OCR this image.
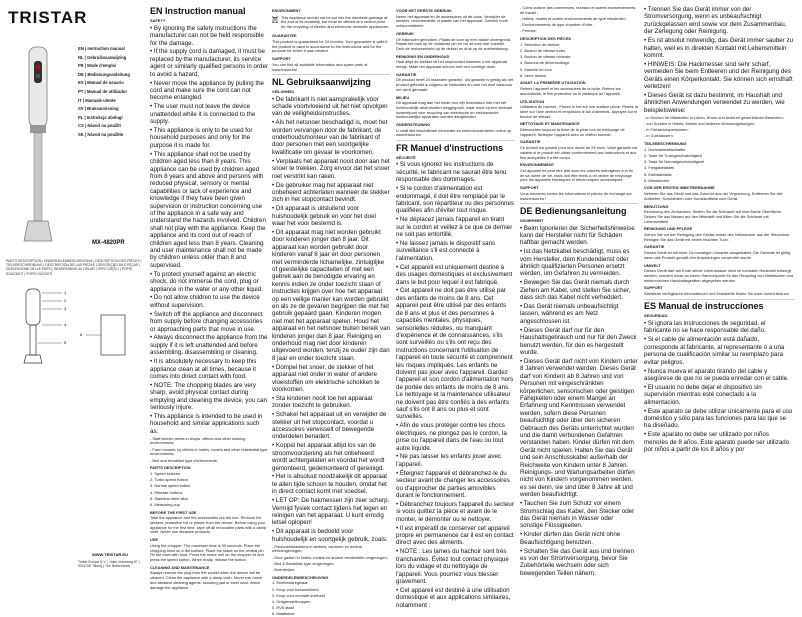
TRISTAR

EN | Instruction manual

NL | Gebruiksaanwijzing

FR | Mode d'emploi

DE | Bedienungsanleitung

ES | Manual de usuario

PT | Manual de utilizador

IT | Manuale utente

SV | Bruksanvisning

PL | Instrukcja obsługi

CS | Návod na použití

SK | Návod na použitie

MX-4820PR
PARTS DESCRIPTION | ONDERDELENBESCHRIJVING | DESCRIPTION DES PIÈCES | TEILEBESCHREIBUNG | DESCRIPCIÓN DE LAS PIEZAS | DESCRIÇÃO DAS PEÇAS | DESCRIZIONE DELLE PARTI | BESKRIVNING AV DELAR | OPIS CZĘŚCI | POPIS SOUČÁSTÍ | POPIS SÚČASTÍ
1
2
3
4
5
6
WWW.TRISTAR.EU
Tristar Europe B.V. | Jules Verneweg 87 | 5015 BH Tilburg | The Netherlands
EN Instruction manual
SAFETY

• By ignoring the safety instructions the manufacturer can not be held responsible for the damage.

• If the supply cord is damaged, it must be replaced by the manufacturer, its service agent or similarly qualified persons in order to avoid a hazard.

• Never move the appliance by pulling the cord and make sure the cord can not become entangled.

• The user must not leave the device unattended while it is connected to the supply.

• This appliance is only to be used for household purposes and only for the purpose it is made for.

• This appliance shall not be used by children aged less than 8 years. This appliance can be used by children aged from 8 years and above and persons with reduced physical, sensory or mental capabilities or lack of experience and knowledge if they have been given supervision or instruction concerning use of the appliance in a safe way and understand the hazards involved. Children shall not play with the appliance. Keep the appliance and its cord out of reach of children aged less than 8 years. Cleaning and user maintenance shall not be made by children unless older than 8 and supervised.

• To protect yourself against an electric shock, do not immerse the cord, plug or appliance in the water or any other liquid.

• Do not allow children to use the device without supervision.

• Switch off the appliance and disconnect from supply before changing accessories or approaching parts that move in use.

• Always disconnect the appliance from the supply if it is left unattended and before assembling, disassembling or cleaning.

• It is absolutely necessary to keep this appliance clean at all times, because it comes into direct contact with food.

• NOTE: The chopping blades are very sharp, avoid physical contact during emptying and cleaning the device, you can seriously injure.

• This appliance is intended to be used in household and similar applications such as:

- Staff kitchen areas in shops, offices and other working environments;

- Farm houses; by clients in hotels, motels and other residential type environments;

- Bed and breakfast type environments.

PARTS DESCRIPTION

1. Speed selector

2. Turbo speed button

3. Normal speed button

4. Release buttons

5. Stainless steel stick

6. Measuring cup

BEFORE THE FIRST USE

Take the appliance and the accessories out the box. Remove the stickers, protective foil or plastic from the device. Before using your appliance for the first time, wipe off all removable parts with a damp cloth. Never use abrasive products.

USE

Using the chopper: The maximum time is 30 seconds. Place the chopping bowl on a flat surface. Place the blade on the central pin. Fill the bowl with food. Press the motor unit on the chopper lid and press the speed button. When ready, release the button.

CLEANING AND MAINTENANCE

Always remove the plug from the socket when the device will be cleaned. Clean the appliance with a damp cloth. Never use harsh and abrasive cleaning agents, scouring pad or steel wool, which damage the appliance.

ENVIRONMENT

This appliance should not be put into the domestic garbage at the end of its durability, but must be offered at a central point for the recycling of electric and electronic domestic appliances.

GUARANTEE

This product is guaranteed for 24 months. Your guarantee is valid if the product is used in accordance to the instructions and for the purpose for which it was created.

SUPPORT

You can find all available information and spare parts at www.tristar.eu!

NL Gebruiksaanwijzing
VEILIGHEID

• De fabrikant is niet aansprakelijk voor schade voortvloeiend uit het niet opvolgen van de veiligheidsinstructies.

• Als het netsnoer beschadigd is, moet het worden vervangen door de fabrikant, de onderhoudsmonteur van de fabrikant of door personen met een soortgelijke kwalificatie om gevaar te voorkomen.

• Verplaats het apparaat nooit door aan het snoer te trekken. Zorg ervoor dat het snoer niet verstrikt kan raken.

• De gebruiker mag het apparaat niet onbeheerd achterlaten wanneer de stekker zich in het stopcontact bevindt.

• Dit apparaat is uitsluitend voor huishoudelijk gebruik en voor het doel waar het voor bestemd is.

• Dit apparaat mag niet worden gebruikt door kinderen jonger dan 8 jaar. Dit apparaat kan worden gebruikt door kinderen vanaf 8 jaar en door personen met verminderde lichamelijke, zintuiglijke of geestelijke capaciteiten of met een gebrek aan de benodigde ervaring en kennis indien ze onder toezicht staan of instructies krijgen over hoe het apparaat op een veilige manier kan worden gebruikt en als ze de gevaren begrijpen die met het gebruik gepaard gaan. Kinderen mogen niet met het apparaat spelen. Houd het apparaat en het netsnoer buiten bereik van kinderen jonger dan 8 jaar. Reiniging en onderhoud mag niet door kinderen uitgevoerd worden, tenzij ze ouder zijn dan 8 jaar en onder toezicht staan.

• Dompel het snoer, de stekker of het apparaat niet onder in water of andere vloeistoffen om elektrische schokken te voorkomen.

• Sta kinderen nooit toe het apparaat zonder toezicht te gebruiken.

• Schakel het apparaat uit en verwijder de stekker uit het stopcontact, voordat u accessoires verwisselt of bewegende onderdelen benadert.

• Koppel het apparaat altijd los van de stroomvoorziening als het onbeheerd wordt achtergelaten en voordat het wordt gemonteerd, gedemonteerd of gereinigd.

• Het is absoluut noodzakelijk dit apparaat te allen tijde schoon te houden, omdat het in direct contact komt met voedsel.

• LET OP: De hakmessen zijn zeer scherp. Vermijd fysiek contact tijdens het legen en reinigen van het apparaat. U kunt ernstig letsel oplopen!

• Dit apparaat is bedoeld voor huishoudelijk en soortgelijk gebruik, zoals:

- Personeelskeukens in winkels, kantoren en andere werkomgevingen;

- Door gasten in hotels, motels en andere residentiële omgevingen;

- Bed & Breakfast-type omgevingen;

- Boerderijen.

ONDERDELENBESCHRIJVING

1. Snelheidsregelaar

2. Knop voor turbosnelheid

3. Knop voor normale snelheid

4. Ontgrendelknoppen

5. RVS staaf

6. Maatbeker

VOOR HET EERSTE GEBRUIK

Neem het apparaat en de accessoires uit de doos. Verwijder de stickers, beschermfolie of plastic van het apparaat. Gebruik nooit schuurmiddelen.

GEBRUIK

De hakmolen gebruiken: Plaats de kom op een vlakke ondergrond. Plaats het mes op de middelste pin en vul de kom met voedsel. Druk de motoreenheid op de deksel en druk op de snelheidsknop.

REINIGING EN ONDERHOUD

Haal altijd de stekker uit het stopcontact wanneer u het apparaat reinigt. Maak het apparaat schoon met een vochtige doek.

GARANTIE

Dit product heeft 24 maanden garantie. Uw garantie is geldig als het product gebruikt is volgens de instructies en voor het doel waarvoor het werd gemaakt.

MILIEU

Dit apparaat mag aan het einde van zijn levensduur niet met het huishoudelijk afval worden weggegooid, maar moet bij een centraal inzamelpunt voor recycling van elektrische en elektronische huishoudelijke apparaten worden aangeboden.

ONDERSTEUNING

U vindt alle beschikbare informatie en reserveonderdelen online op www.tristar.eu!

FR Manuel d'instructions
SÉCURITÉ

• Si vous ignorez les instructions de sécurité, le fabricant ne saurait être tenu responsable des dommages.

• Si le cordon d'alimentation est endommagé, il doit être remplacé par le fabricant, son répartiteur ou des personnes qualifiées afin d'éviter tout risque.

• Ne déplacez jamais l'appareil en tirant sur le cordon et veillez à ce que ce dernier ne soit pas entortillé.

• Ne laissez jamais le dispositif sans surveillance s'il est connecté à l'alimentation.

• Cet appareil est uniquement destiné à des usages domestiques et exclusivement dans le but pour lequel il est fabriqué.

• Cet appareil ne doit pas être utilisé par des enfants de moins de 8 ans. Cet appareil peut être utilisé par des enfants de 8 ans et plus et des personnes à capacités mentales, physiques, sensorielles réduites, ou manquant d'expérience et de connaissances, s'ils sont surveillés ou s'ils ont reçu des instructions concernant l'utilisation de l'appareil en toute sécurité et comprennent les risques impliqués. Les enfants ne doivent pas jouer avec l'appareil. Gardez l'appareil et son cordon d'alimentation hors de portée des enfants de moins de 8 ans. Le nettoyage et la maintenance utilisateur ne doivent pas être confiés à des enfants sauf s'ils ont 8 ans ou plus et sont surveillés.

• Afin de vous protéger contre les chocs électriques, ne plongez pas le cordon, la prise ou l'appareil dans de l'eau ou tout autre liquide.

• Ne pas laisser les enfants jouer avec l'appareil.

• Éteignez l'appareil et débranchez-le du secteur avant de changer les accessoires ou d'approcher de parties amovibles durant le fonctionnement.

• Débranchez toujours l'appareil du secteur si vous quittez la pièce et avant de le monter, le démonter ou le nettoyer.

• Il est impératif de conserver cet appareil propre en permanence car il est en contact direct avec des aliments.

• NOTE : Les lames du hachoir sont très tranchantes. Évitez tout contact physique lors du vidage et du nettoyage de l'appareil. Vous pourriez vous blesser gravement.

• Cet appareil est destiné à une utilisation domestique et aux applications similaires, notamment :

- Coins cuisine des commerces, bureaux et autres environnements de travail ;

- Hôtels, motels et autres environnements de type résidentiel ;

- Environnements de type chambre d'hôte ;

- Fermes.

DESCRIPTION DES PIÈCES

1. Sélecteur de vitesse

2. Bouton de vitesse turbo

3. Bouton de vitesse normale

4. Boutons de déverrouillage

5. Manche en inox

6. Verre doseur

AVANT LA PREMIÈRE UTILISATION

Retirez l'appareil et les accessoires de la boîte. Retirez les autocollants, le film protecteur ou le plastique de l'appareil.

UTILISATION

Utilisation du hachoir : Placez le bol sur une surface plane. Placez la lame sur l'axe central et remplissez le bol d'aliments. Appuyez sur le bouton de vitesse.

NETTOYAGE ET MAINTENANCE

Débranchez toujours la fiche de la prise lors du nettoyage de l'appareil. Nettoyez l'appareil avec un chiffon humide.

GARANTIE

Ce produit est garanti pour une durée de 24 mois. Votre garantie est valable si le produit est utilisé conformément aux instructions et aux fins auxquelles il a été conçu.

ENVIRONNEMENT

Cet appareil ne peut être jeté avec les ordures ménagères à la fin de sa durée de vie, mais doit être remis à un centre de recyclage pour les appareils électriques et électroniques domestiques.

SUPPORT

Vous trouverez toutes les informations et pièces de rechange sur www.tristar.eu !

DE Bedienungsanleitung
SICHERHEIT

• Beim Ignorieren der Sicherheitshinweise kann der Hersteller nicht für Schäden haftbar gemacht werden.

• Ist das Netzkabel beschädigt, muss es vom Hersteller, dem Kundendienst oder ähnlich qualifizierten Personen ersetzt werden, um Gefahren zu vermeiden.

• Bewegen Sie das Gerät niemals durch Ziehen am Kabel, und stellen Sie sicher, dass sich das Kabel nicht verheddert.

• Das Gerät niemals unbeaufsichtigt lassen, während es am Netz angeschlossen ist.

• Dieses Gerät darf nur für den Haushaltsgebrauch und nur für den Zweck benutzt werden, für den es hergestellt wurde.

• Dieses Gerät darf nicht von Kindern unter 8 Jahren verwendet werden. Dieses Gerät darf von Kindern ab 8 Jahren und von Personen mit eingeschränkten körperlichen, sensorischen oder geistigen Fähigkeiten oder einem Mangel an Erfahrung und Kenntnissen verwendet werden, sofern diese Personen beaufsichtigt oder über den sicheren Gebrauch des Geräts unterrichtet wurden und die damit verbundenen Gefahren verstanden haben. Kinder dürfen mit dem Gerät nicht spielen. Halten Sie das Gerät und sein Anschlusskabel außerhalb der Reichweite von Kindern unter 8 Jahren. Reinigungs- und Wartungsarbeiten dürfen nicht von Kindern vorgenommen werden, es sei denn, sie sind über 8 Jahre alt und werden beaufsichtigt.

• Tauchen Sie zum Schutz vor einem Stromschlag das Kabel, den Stecker oder das Gerät niemals in Wasser oder sonstige Flüssigkeiten.

• Kinder dürfen das Gerät nicht ohne Beaufsichtigung benutzen.

• Schalten Sie das Gerät aus und trennen es von der Stromversorgung, bevor Sie Zubehörteile wechseln oder sich bewegenden Teilen nähern.

• Trennen Sie das Gerät immer von der Stromversorgung, wenn es unbeaufsichtigt zurückgelassen wird sowie vor dem Zusammenbau, der Zerlegung oder Reinigung.

• Es ist absolut notwendig, das Gerät immer sauber zu halten, weil es in direkten Kontakt mit Lebensmitteln kommt.

• HINWEIS: Die Hackmesser sind sehr scharf, vermeiden Sie beim Entleeren und der Reinigung des Geräts einen Körperkontakt. Sie können sich ernsthaft verletzen!

• Dieses Gerät ist dazu bestimmt, im Haushalt und ähnlichen Anwendungen verwendet zu werden, wie beispielsweise:

- in Küchen für Mitarbeiter in Läden, Büros und anderen gewerblichen Bereichen;

- von Kunden in Hotels, Motels und anderen Wohnumgebungen;

- in Frühstückspensionen;

- in Gutshäusern.

TEILEBESCHREIBUNG

1. Drehzahlwahlschalter

2. Taste für Turbogeschwindigkeit

3. Taste für Normalgeschwindigkeit

4. Freigabetasten

5. Edelstahlstab

6. Messbecher

VOR DER ERSTEN INBETRIEBNAHME

Nehmen Sie das Gerät und das Zubehör aus der Verpackung. Entfernen Sie alle Aufkleber, Schutzfolien oder Kunststoffteile vom Gerät.

BENUTZUNG

Benutzung des Zerhackers: Stellen Sie die Schüssel auf eine flache Oberfläche. Setzen Sie das Messer auf den Mittelstift und füllen Sie die Schüssel mit Lebensmitteln.

REINIGUNG UND PFLEGE

Ziehen Sie vor der Reinigung des Geräts immer den Netzstecker aus der Steckdose. Reinigen Sie das Gerät mit einem feuchten Tuch.

GARANTIE

Dieses Gerät ist mit einer 24-monatigen Garantie ausgestattet. Die Garantie ist gültig, wenn das Produkt gemäß den Anweisungen verwendet wurde.

UMWELT

Dieses Gerät darf am Ende seiner Lebensdauer nicht im normalen Hausmüll entsorgt werden, sondern muss an einem Sammelpunkt für das Recycling von elektrischen und elektronischen Haushaltsgeräten abgegeben werden.

SUPPORT

Sämtliche verfügbaren Informationen und Ersatzteile finden Sie unter www.tristar.eu!

ES Manual de instrucciones
SEGURIDAD

• Si ignora las instrucciones de seguridad, el fabricante no se hace responsable del daño.

• Si el cable de alimentación está dañado, corresponde al fabricante, al representante o a una persona de cualificación similar su reemplazo para evitar peligros.

• Nunca mueva el aparato tirando del cable y asegúrese de que no se pueda enredar con el cable.

• El usuario no debe dejar el dispositivo sin supervisión mientras esté conectado a la alimentación.

• Este aparato se debe utilizar únicamente para el uso doméstico y sólo para las funciones para las que se ha diseñado.

• Este aparato no debe ser utilizado por niños menores de 8 años. Este aparato puede ser utilizado por niños a partir de los 8 años y por
